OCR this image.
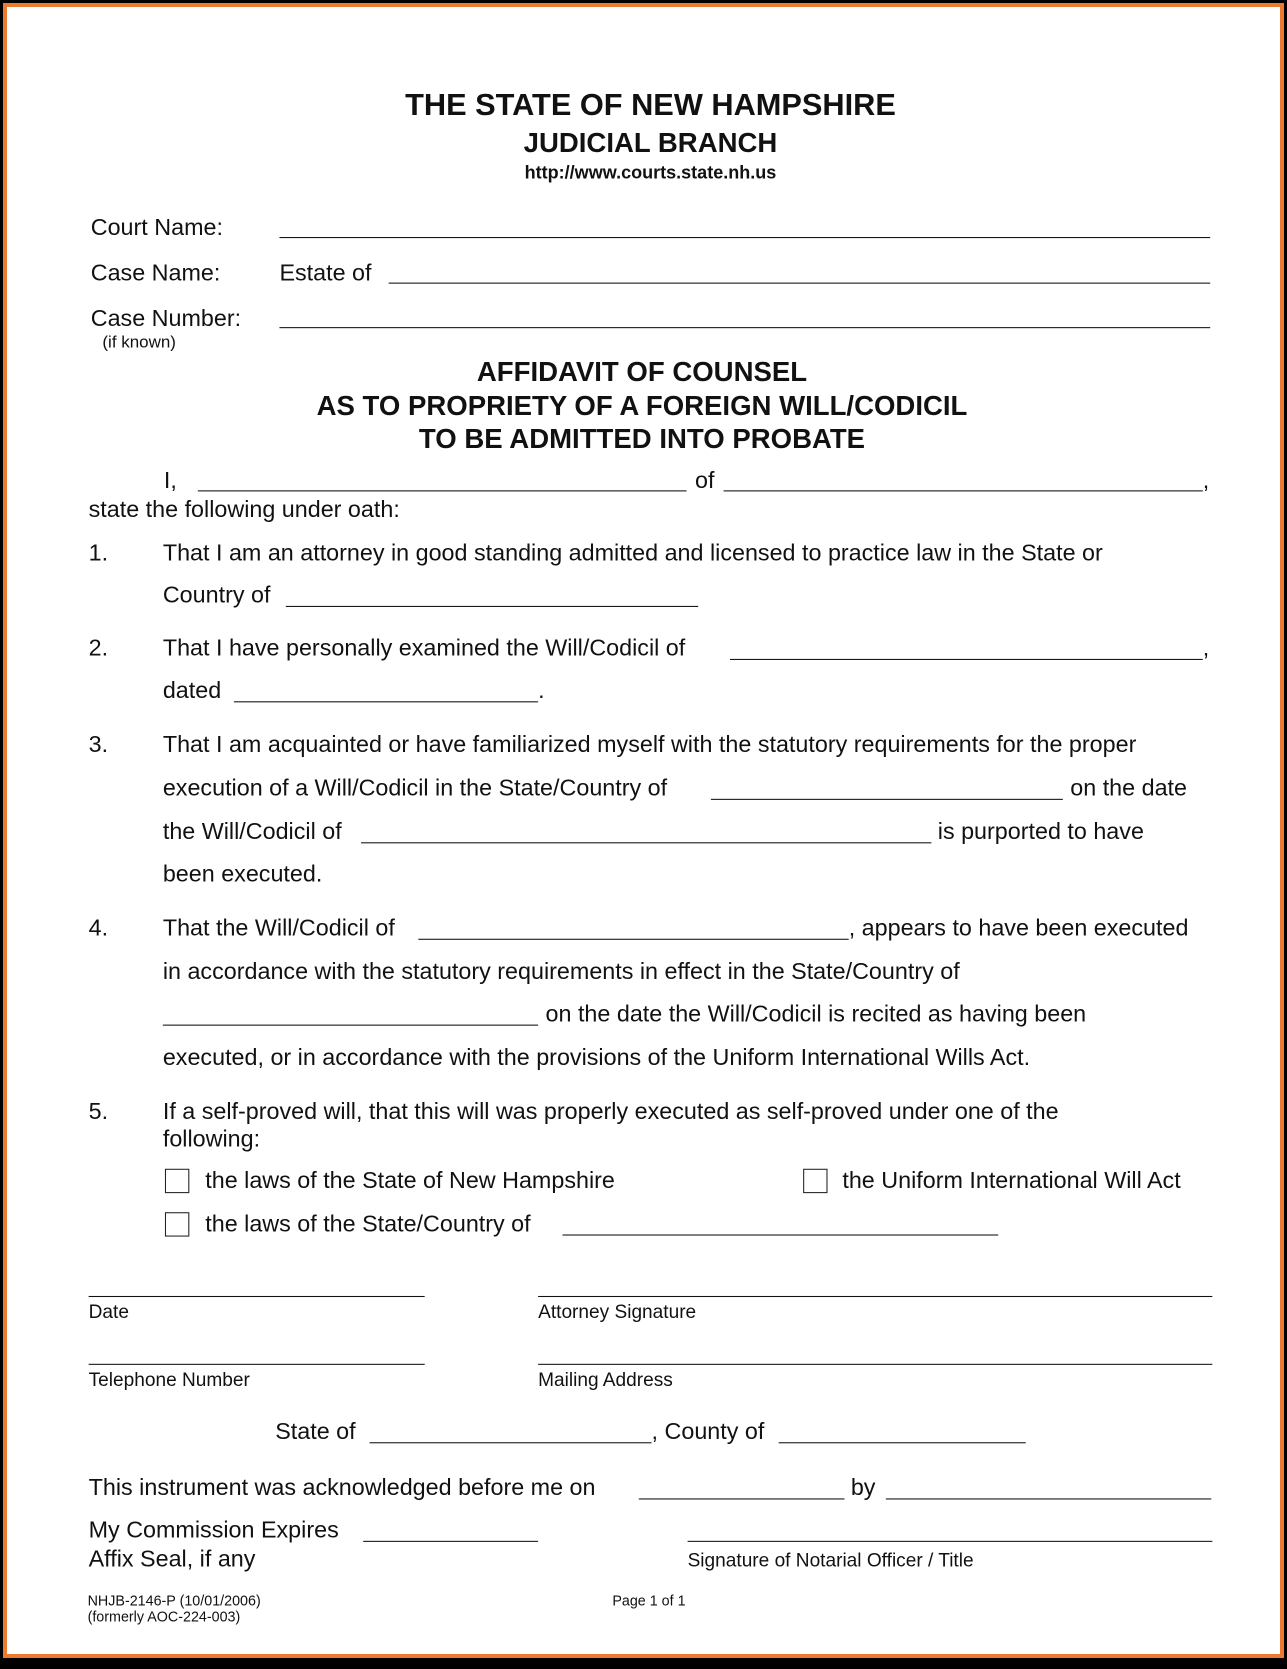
THE STATE OF NEW HAMPSHIRE
JUDICIAL BRANCH
http://www.courts.state.nh.us
Court Name:
Case Name:	Estate of
Case Number:
(if known)
AFFIDAVIT OF COUNSEL
AS TO PROPRIETY OF A FOREIGN WILL/CODICIL
TO BE ADMITTED INTO PROBATE
I,	of	,
state the following under oath:
1. That I am an attorney in good standing admitted and licensed to practice law in the State or
Country of
2. That I have personally examined the Will/Codicil of	,
dated	.
3. That I am acquainted or have familiarized myself with the statutory requirements for the proper
execution of a Will/Codicil in the State/Country of	on the date
the Will/Codicil of	is purported to have
been executed.
4. That the Will/Codicil of	, appears to have been executed
in accordance with the statutory requirements in effect in the State/Country of
on the date the Will/Codicil is recited as having been
executed, or in accordance with the provisions of the Uniform International Wills Act.
5. If a self-proved will, that this will was properly executed as self-proved under one of the
following:
the laws of the State of New Hampshire	the Uniform International Will Act
the laws of the State/Country of
Date	Attorney Signature
Telephone Number	Mailing Address
State of	, County of
This instrument was acknowledged before me on	by
My Commission Expires
Affix Seal, if any	Signature of Notarial Officer / Title
NHJB-2146-P (10/01/2006)
(formerly AOC-224-003)
Page 1 of 1
